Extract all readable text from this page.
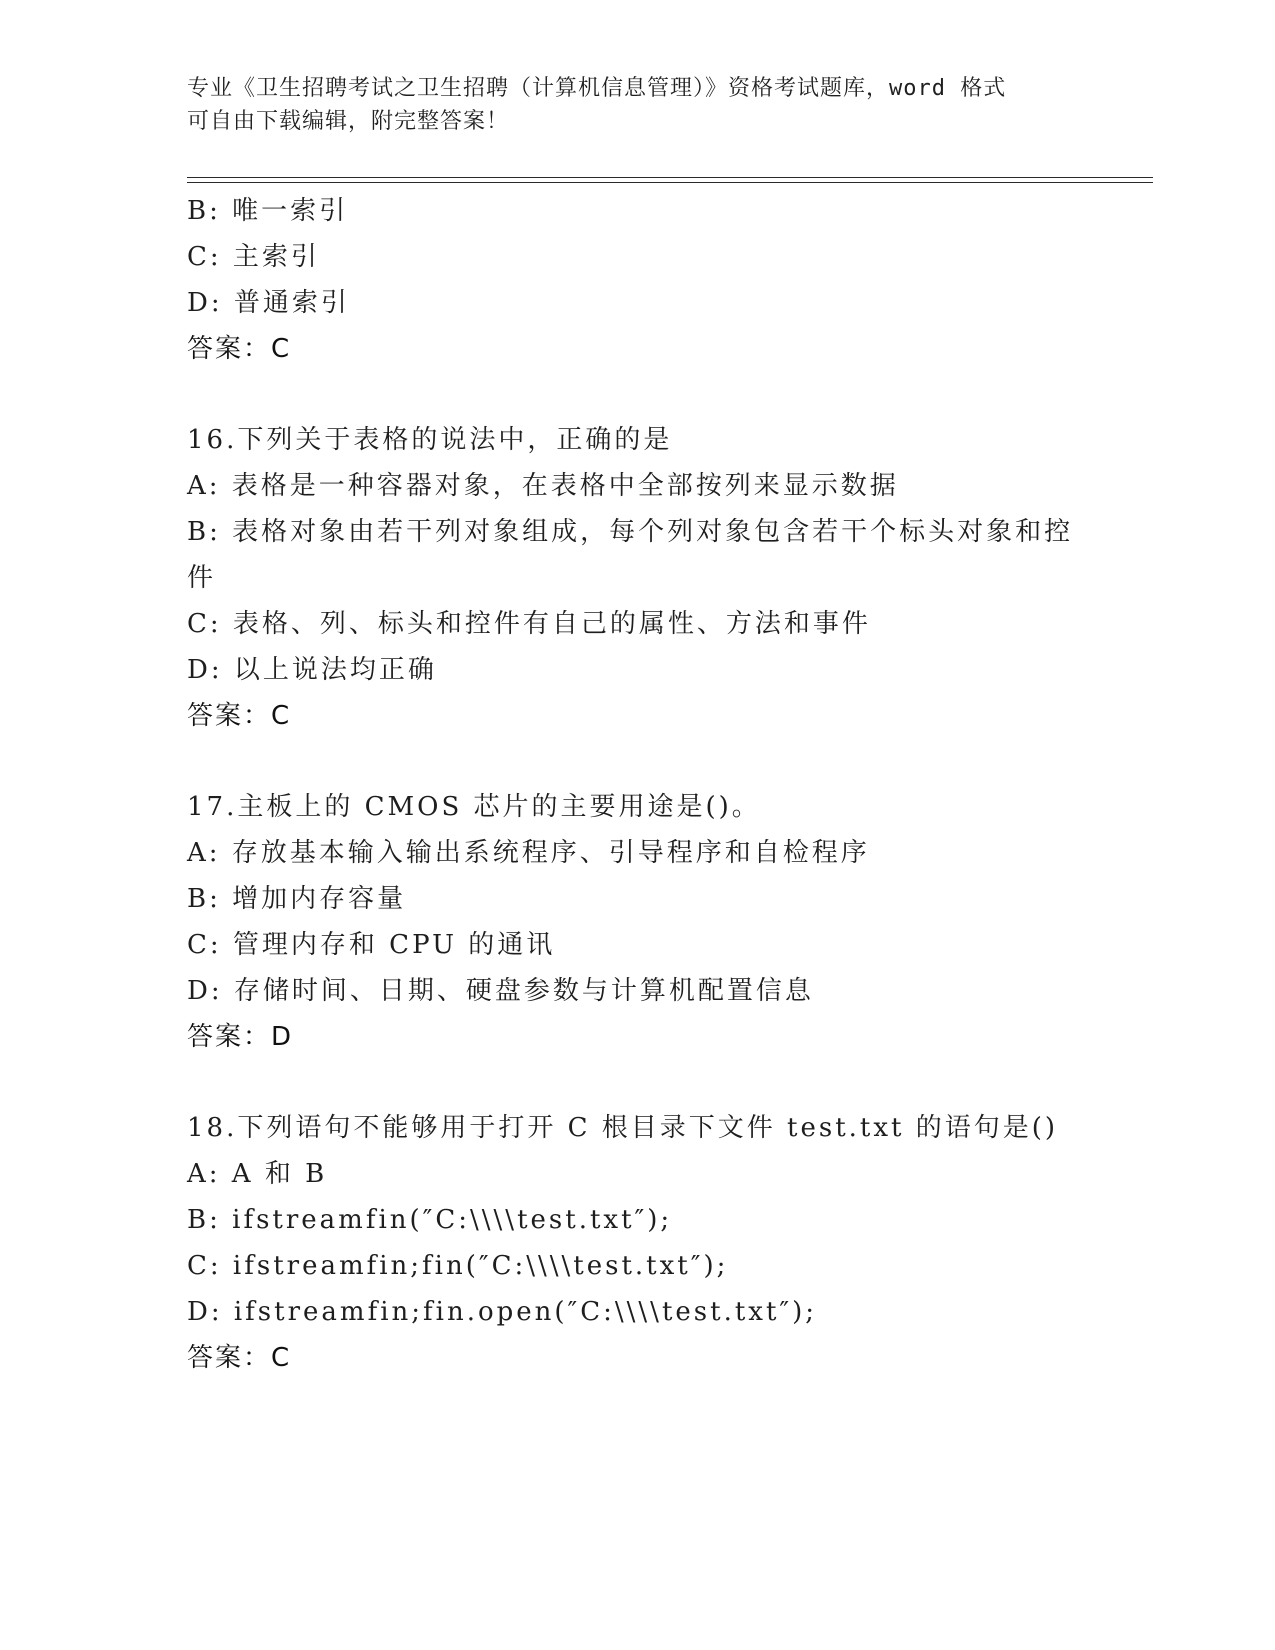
专业《卫生招聘考试之卫生招聘（计算机信息管理）》资格考试题库，word 格式
可自由下载编辑，附完整答案！
B: 唯一索引
C: 主索引
D: 普通索引
答案：C
16.下列关于表格的说法中，正确的是
A: 表格是一种容器对象，在表格中全部按列来显示数据
B: 表格对象由若干列对象组成，每个列对象包含若干个标头对象和控
件
C: 表格、列、标头和控件有自己的属性、方法和事件
D: 以上说法均正确
答案：C
17.主板上的 CMOS 芯片的主要用途是()。
A: 存放基本输入输出系统程序、引导程序和自检程序
B: 增加内存容量
C: 管理内存和 CPU 的通讯
D: 存储时间、日期、硬盘参数与计算机配置信息
答案：D
18.下列语句不能够用于打开 C 根目录下文件 test.txt 的语句是()
A: A 和 B
B: ifstreamfin(″C:\\\\test.txt″);
C: ifstreamfin;fin(″C:\\\\test.txt″);
D: ifstreamfin;fin.open(″C:\\\\test.txt″);
答案：C
